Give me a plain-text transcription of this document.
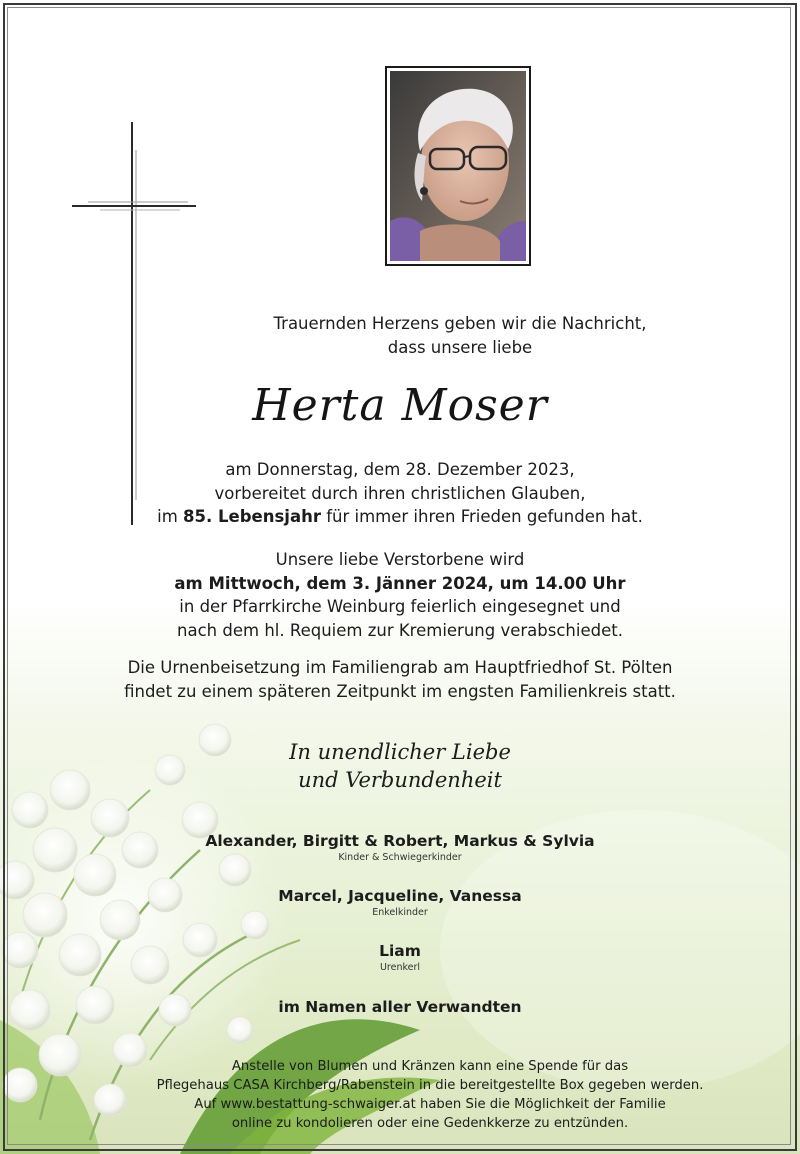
Trauernden Herzens geben wir die Nachricht,
dass unsere liebe
Herta Moser
am Donnerstag, dem 28. Dezember 2023,
vorbereitet durch ihren christlichen Glauben,
im 85. Lebensjahr für immer ihren Frieden gefunden hat.
Unsere liebe Verstorbene wird
am Mittwoch, dem 3. Jänner 2024, um 14.00 Uhr
in der Pfarrkirche Weinburg feierlich eingesegnet und
nach dem hl. Requiem zur Kremierung verabschiedet.
Die Urnenbeisetzung im Familiengrab am Hauptfriedhof St. Pölten
findet zu einem späteren Zeitpunkt im engsten Familienkreis statt.
In unendlicher Liebe
und Verbundenheit
Alexander, Birgitt & Robert, Markus & Sylvia
Kinder & Schwiegerkinder
Marcel, Jacqueline, Vanessa
Enkelkinder
Liam
Urenkerl
im Namen aller Verwandten
Anstelle von Blumen und Kränzen kann eine Spende für das
Pflegehaus CASA Kirchberg/Rabenstein in die bereitgestellte Box gegeben werden.
Auf www.bestattung-schwaiger.at haben Sie die Möglichkeit der Familie
online zu kondolieren oder eine Gedenkkerze zu entzünden.
